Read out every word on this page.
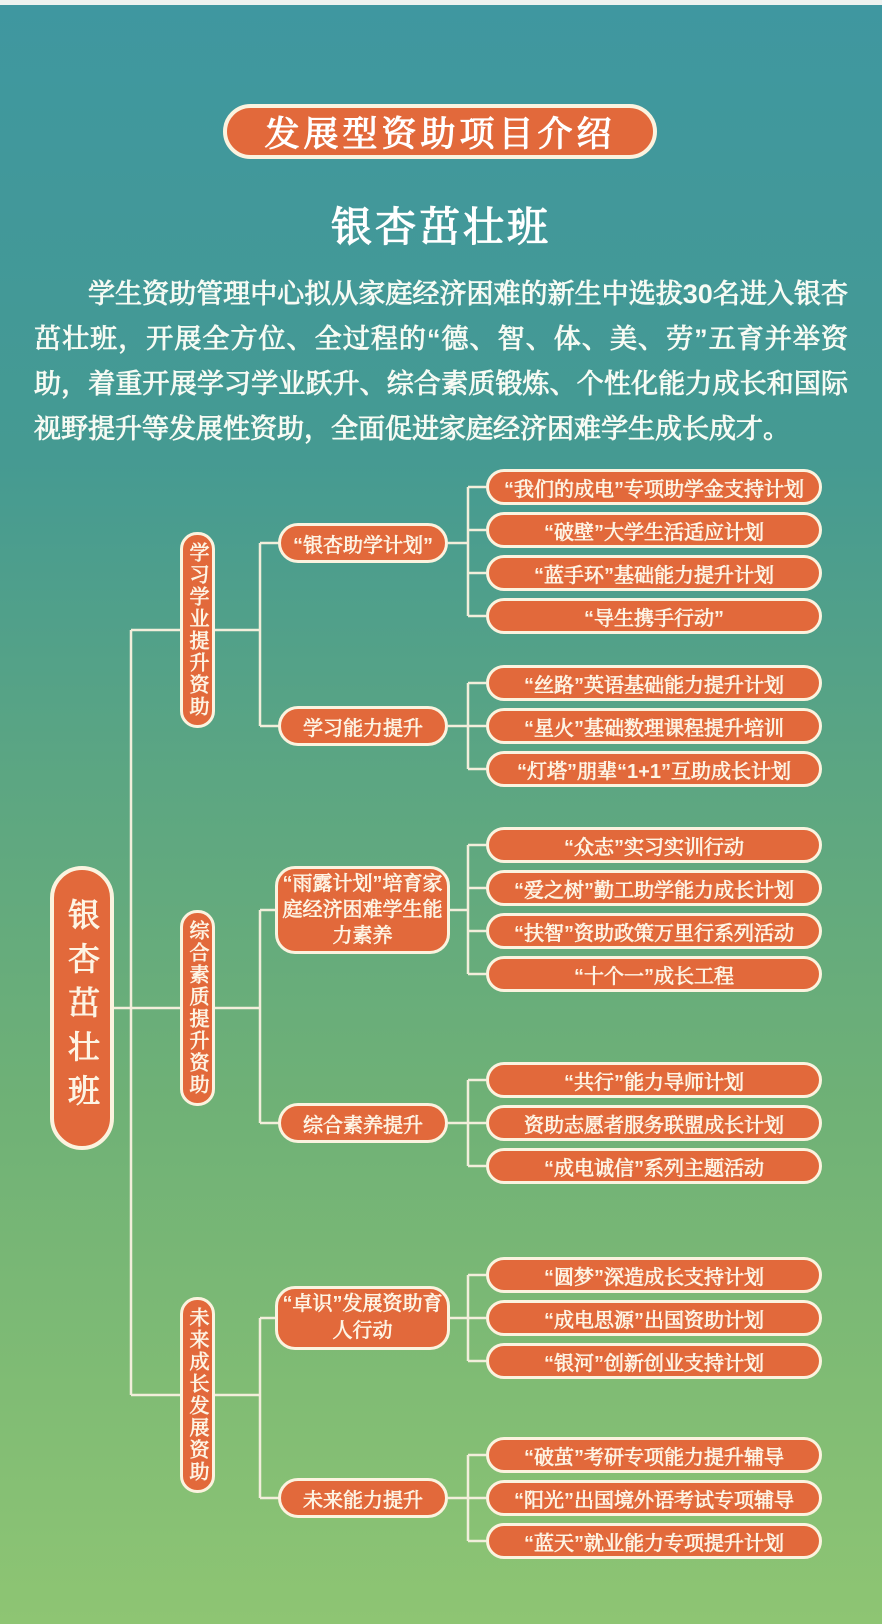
发展型资助项目介绍
银杏茁壮班
学生资助管理中心拟从家庭经济困难的新生中选拔30名进入银杏茁壮班，开展全方位、全过程的“德、智、体、美、劳”五育并举资助，着重开展学习学业跃升、综合素质锻炼、个性化能力成长和国际视野提升等发展性资助，全面促进家庭经济困难学生成长成才。
银杏茁壮班
学习学业提升资助
综合素质提升资助
未来成长发展资助
“银杏助学计划”
学习能力提升
“雨露计划”培育家庭经济困难学生能力素养
综合素养提升
“卓识”发展资助育人行动
未来能力提升
“我们的成电”专项助学金支持计划
“破壁”大学生活适应计划
“蓝手环”基础能力提升计划
“导生携手行动”
“丝路”英语基础能力提升计划
“星火”基础数理课程提升培训
“灯塔”朋辈“1+1”互助成长计划
“众志”实习实训行动
“爱之树”勤工助学能力成长计划
“扶智”资助政策万里行系列活动
“十个一”成长工程
“共行”能力导师计划
资助志愿者服务联盟成长计划
“成电诚信”系列主题活动
“圆梦”深造成长支持计划
“成电思源”出国资助计划
“银河”创新创业支持计划
“破茧”考研专项能力提升辅导
“阳光”出国境外语考试专项辅导
“蓝天”就业能力专项提升计划
